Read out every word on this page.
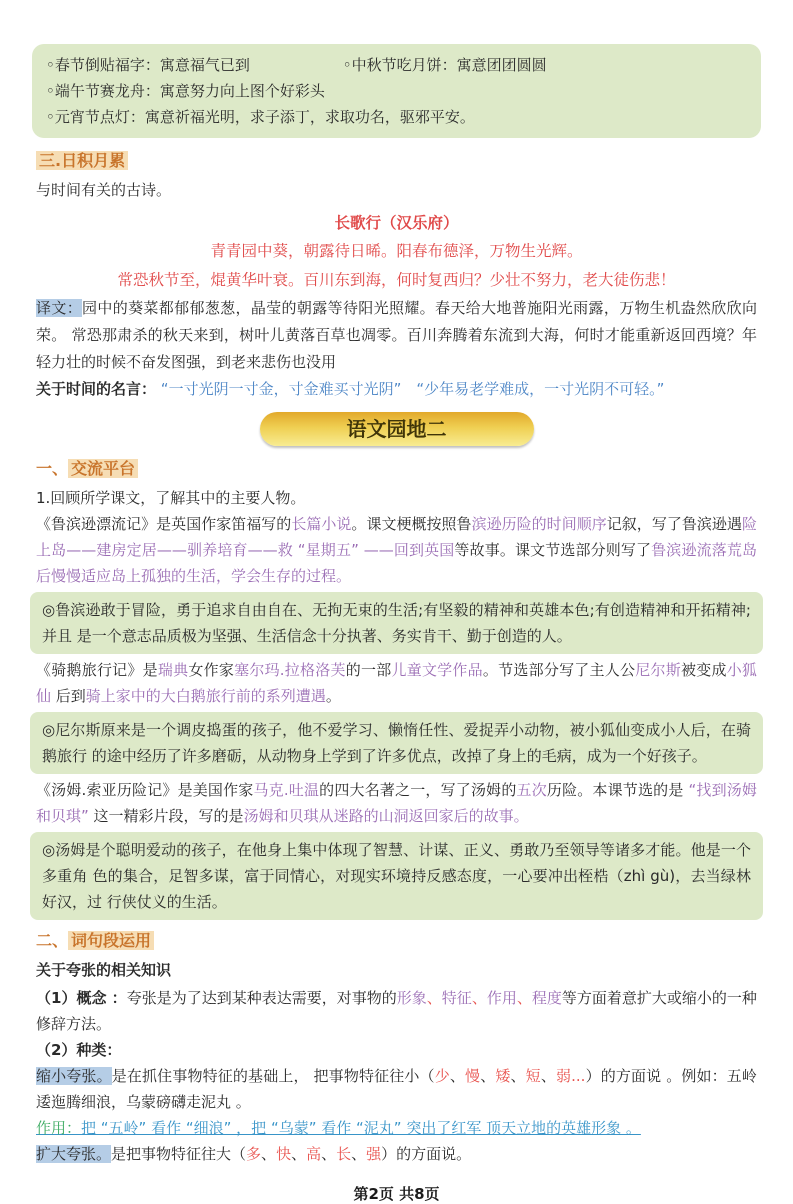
◦春节倒贴福字：寓意福气已到	◦中秋节吃月饼：寓意团团圆圆
◦端午节赛龙舟：寓意努力向上图个好彩头
◦元宵节点灯：寓意祈福光明，求子添丁，求取功名，驱邪平安。
三.日积月累

与时间有关的古诗。

长歌行（汉乐府）

青青园中葵，朝露待日晞。阳春布德泽，万物生光辉。

常恐秋节至，焜黄华叶衰。百川东到海，何时复西归？少壮不努力，老大徒伤悲！

译文：园中的葵菜都郁郁葱葱，晶莹的朝露等待阳光照耀。春天给大地普施阳光雨露，万物生机盎然欣欣向荣。 常恐那肃杀的秋天来到，树叶儿黄落百草也凋零。百川奔腾着东流到大海，何时才能重新返回西境？年轻力壮的时候不奋发图强，到老来悲伤也没用

关于时间的名言： “一寸光阴一寸金，寸金难买寸光阴”　“少年易老学难成，一寸光阴不可轻。”

语文园地二
一、 交流平台

1.回顾所学课文，了解其中的主要人物。

《鲁滨逊漂流记》是英国作家笛福写的长篇小说。课文梗概按照鲁滨逊历险的时间顺序记叙，写了鲁滨逊遇险上岛——建房定居——驯养培育——救 “星期五” ——回到英国等故事。课文节选部分则写了鲁滨逊流落荒岛 后慢慢适应岛上孤独的生活，学会生存的过程。

◎鲁滨逊敢于冒险，勇于追求自由自在、无拘无束的生活;有坚毅的精神和英雄本色;有创造精神和开拓精神;并且 是一个意志品质极为坚强、生活信念十分执著、务实肯干、勤于创造的人。

《骑鹅旅行记》是瑞典女作家塞尔玛.拉格洛芙的一部儿童文学作品。节选部分写了主人公尼尔斯被变成小狐仙 后到骑上家中的大白鹅旅行前的系列遭遇。

◎尼尔斯原来是一个调皮捣蛋的孩子，他不爱学习、懒惰任性、爱捉弄小动物，被小狐仙变成小人后，在骑鹅旅行 的途中经历了许多磨砺，从动物身上学到了许多优点，改掉了身上的毛病，成为一个好孩子。

《汤姆.索亚历险记》是美国作家马克.吐温的四大名著之一，写了汤姆的五次历险。本课节选的是 “找到汤姆 和贝琪” 这一精彩片段，写的是汤姆和贝琪从迷路的山洞返回家后的故事。

◎汤姆是个聪明爱动的孩子，在他身上集中体现了智慧、计谋、正义、勇敢乃至领导等诸多才能。他是一个多重角 色的集合，足智多谋，富于同情心，对现实环境持反感态度，一心要冲出桎梏（zhì gù)，去当绿林好汉，过 行侠仗义的生活。
二、 词句段运用

关于夸张的相关知识

（1）概念 ：夸张是为了达到某种表达需要，对事物的形象、特征、作用、程度等方面着意扩大或缩小的一种修辞方法。

（2）种类：

缩小夸张。是在抓住事物特征的基础上， 把事物特征往小（少、慢、矮、短、弱...）的方面说 。例如：五岭逶迤腾细浪，乌蒙磅礴走泥丸 。

作用：把 “五岭” 看作 “细浪” ，把 “乌蒙” 看作 “泥丸” 突出了红军 顶天立地的英雄形象 。

扩大夸张。是把事物特征往大（多、快、高、长、强）的方面说。

第2页 共8页
